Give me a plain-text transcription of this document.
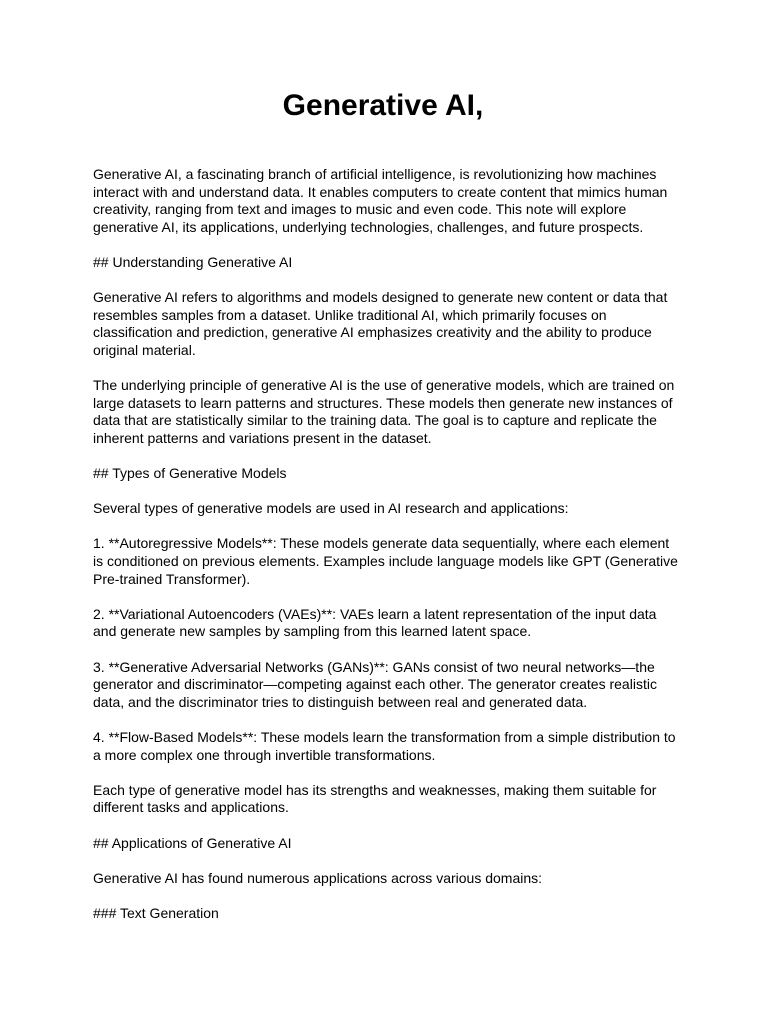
Generative AI,

Generative AI, a fascinating branch of artificial intelligence, is revolutionizing how machines interact with and understand data. It enables computers to create content that mimics human creativity, ranging from text and images to music and even code. This note will explore generative AI, its applications, underlying technologies, challenges, and future prospects.

## Understanding Generative AI

Generative AI refers to algorithms and models designed to generate new content or data that resembles samples from a dataset. Unlike traditional AI, which primarily focuses on classification and prediction, generative AI emphasizes creativity and the ability to produce original material.

The underlying principle of generative AI is the use of generative models, which are trained on large datasets to learn patterns and structures. These models then generate new instances of data that are statistically similar to the training data. The goal is to capture and replicate the inherent patterns and variations present in the dataset.

## Types of Generative Models

Several types of generative models are used in AI research and applications:

1. **Autoregressive Models**: These models generate data sequentially, where each element is conditioned on previous elements. Examples include language models like GPT (Generative Pre-trained Transformer).

2. **Variational Autoencoders (VAEs)**: VAEs learn a latent representation of the input data and generate new samples by sampling from this learned latent space.

3. **Generative Adversarial Networks (GANs)**: GANs consist of two neural networks—the generator and discriminator—competing against each other. The generator creates realistic data, and the discriminator tries to distinguish between real and generated data.

4. **Flow-Based Models**: These models learn the transformation from a simple distribution to a more complex one through invertible transformations.

Each type of generative model has its strengths and weaknesses, making them suitable for different tasks and applications.

## Applications of Generative AI

Generative AI has found numerous applications across various domains:

### Text Generation
